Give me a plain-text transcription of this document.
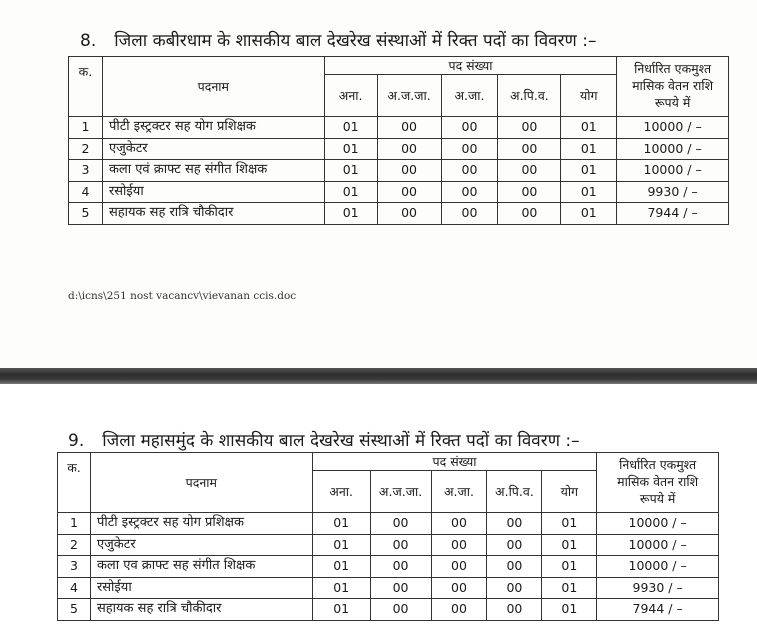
8. जिला कबीरधाम के शासकीय बाल देखरेख संस्थाओं में रिक्त पदों का विवरण :–
क.	पदनाम	पद संख्या					निर्धारित एकमुश्त
मासिक वेतन राशि
रूपये में

		अना.	अ.ज.जा.	अ.जा.	अ.पि.व.	योग	
1	पीटी इस्ट्रक्टर सह योग प्रशिक्षक	01	00	00	00	01	10000 / –
2	एजुकेटर	01	00	00	00	01	10000 / –
3	कला एवं क्राफ्ट सह संगीत शिक्षक	01	00	00	00	01	10000 / –
4	रसोईया	01	00	00	00	01	9930 / –
5	सहायक सह रात्रि चौकीदार	01	00	00	00	01	7944 / –
d:\icns\251 nost vacancv\vievanan ccis.doc
9. जिला महासमुंद के शासकीय बाल देखरेख संस्थाओं में रिक्त पदों का विवरण :–
क.	पदनाम	पद संख्या					निर्धारित एकमुश्त
मासिक वेतन राशि
रूपये में

		अना.	अ.ज.जा.	अ.जा.	अ.पि.व.	योग	
1	पीटी इस्ट्रक्टर सह योग प्रशिक्षक	01	00	00	00	01	10000 / –
2	एजुकेटर	01	00	00	00	01	10000 / –
3	कला एव क्राफ्ट सह संगीत शिक्षक	01	00	00	00	01	10000 / –
4	रसोईया	01	00	00	00	01	9930 / –
5	सहायक सह रात्रि चौकीदार	01	00	00	00	01	7944 / –
